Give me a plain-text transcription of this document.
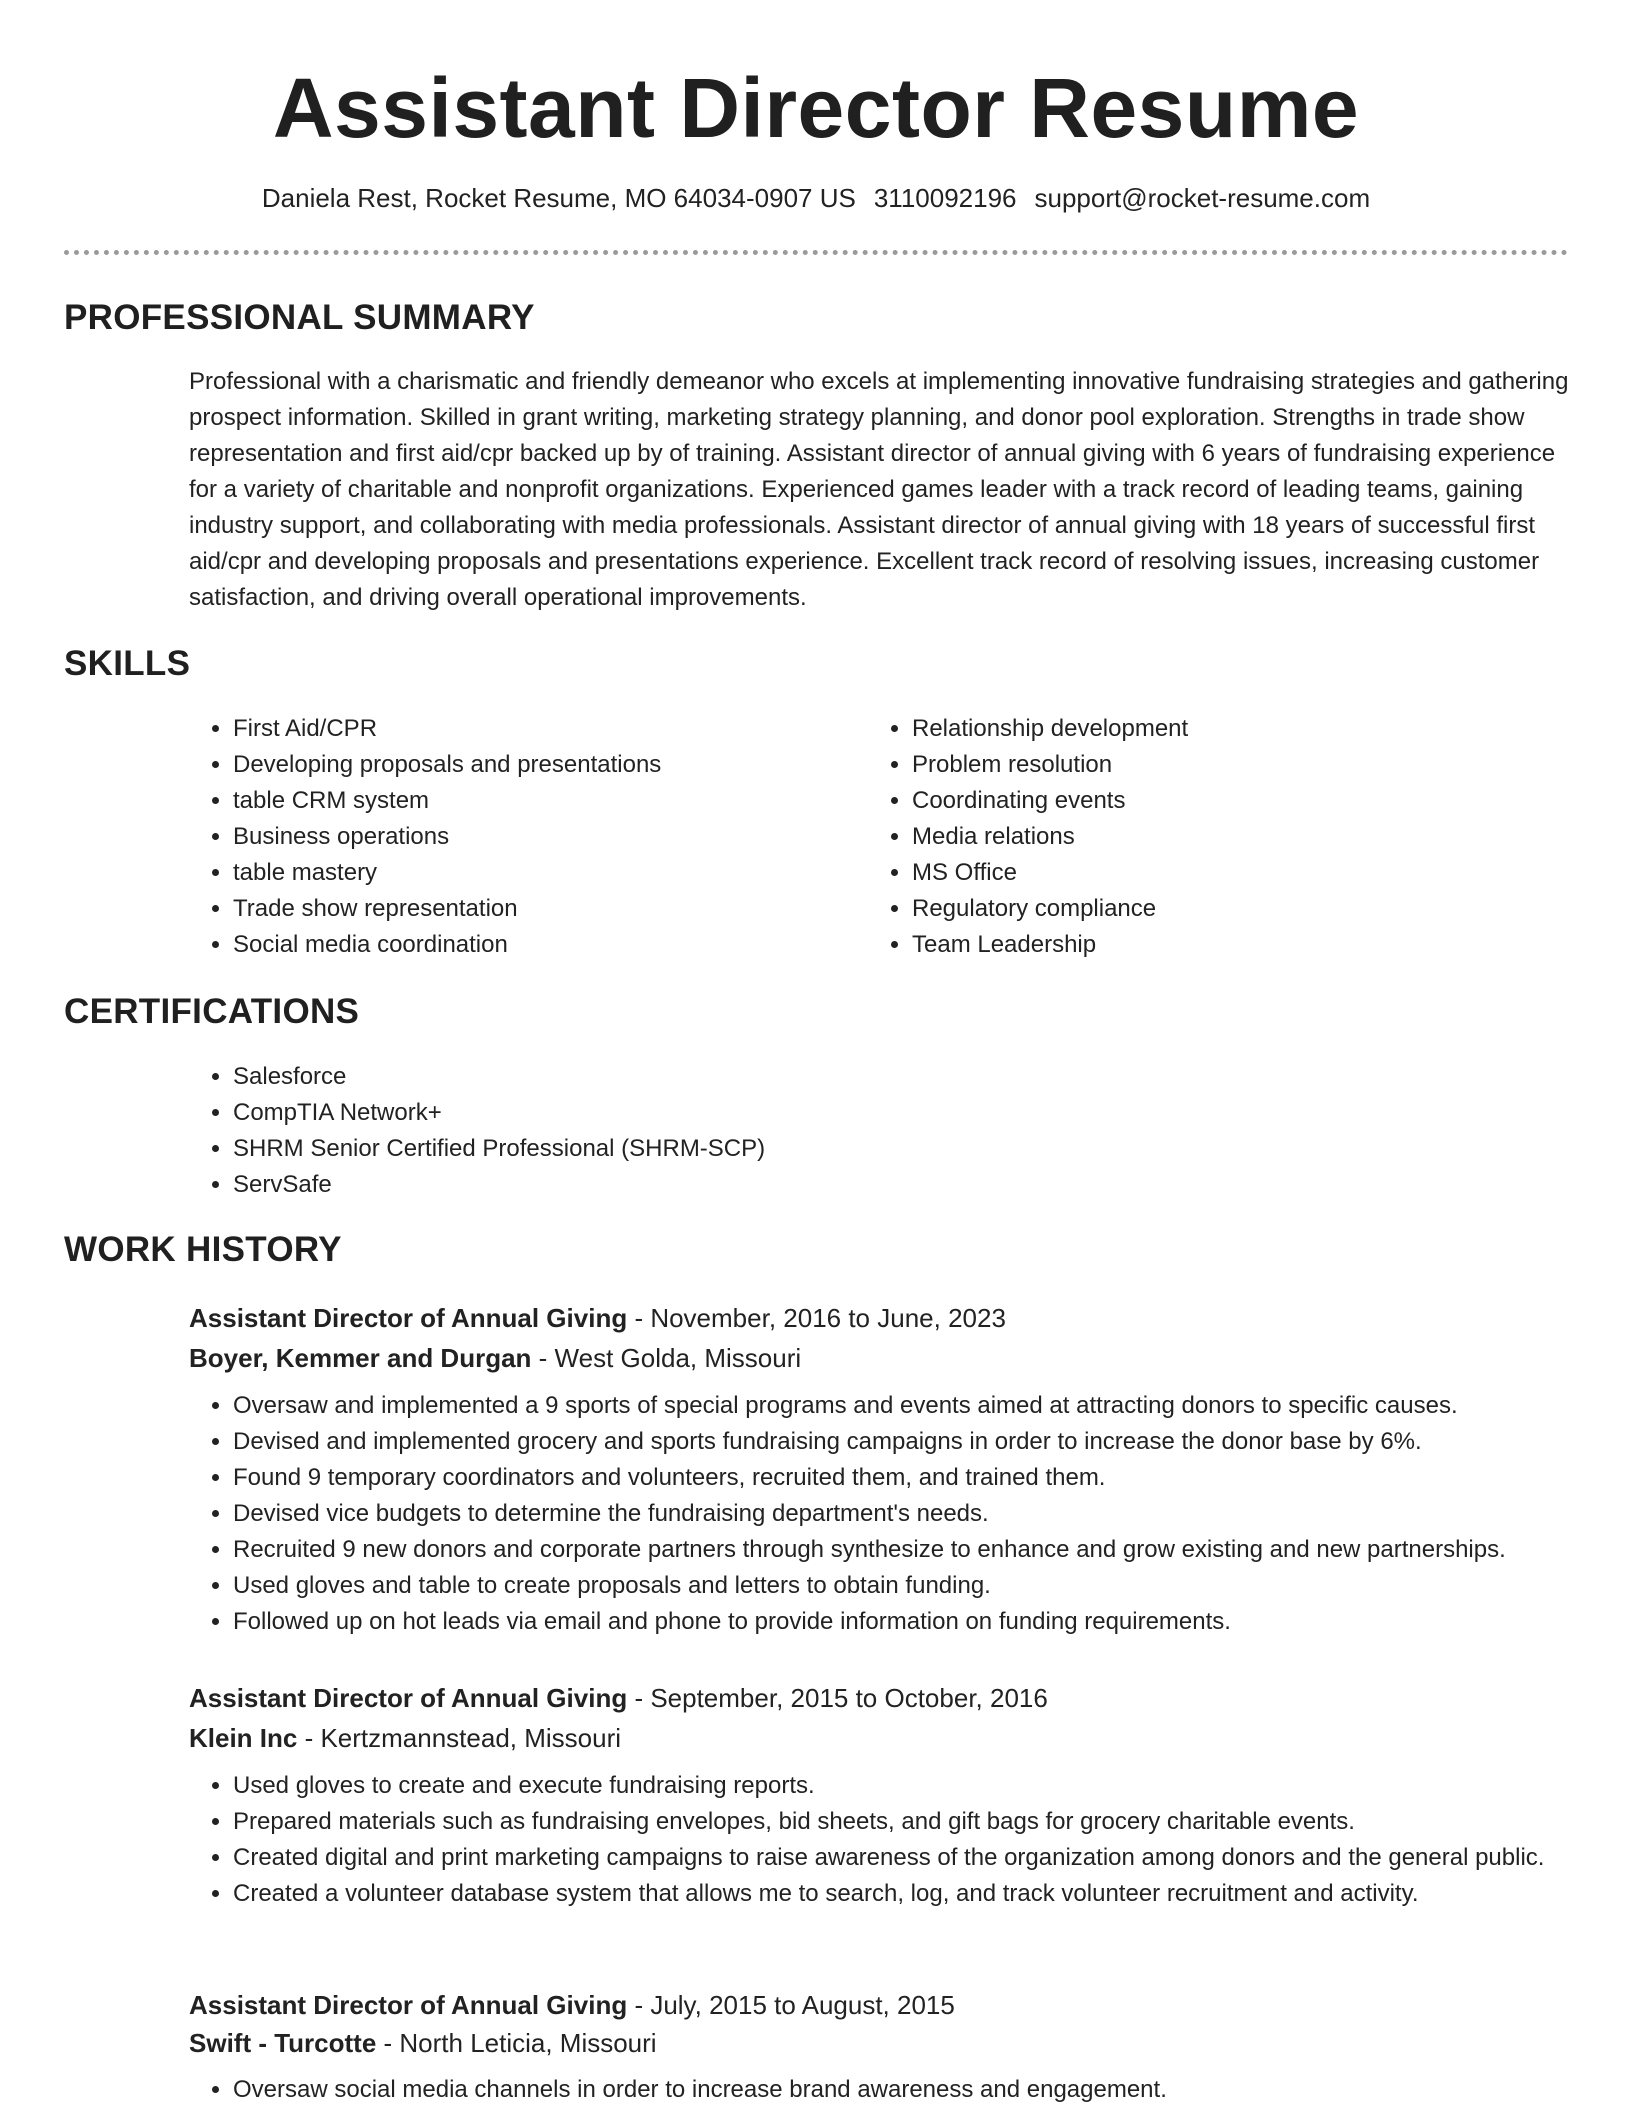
Assistant Director Resume
Daniela Rest, Rocket Resume, MO 64034-0907 US 3110092196 support@rocket-resume.com
PROFESSIONAL SUMMARY

Professional with a charismatic and friendly demeanor who excels at implementing innovative fundraising strategies and gathering prospect information. Skilled in grant writing, marketing strategy planning, and donor pool exploration. Strengths in trade show representation and first aid/cpr backed up by of training. Assistant director of annual giving with 6 years of fundraising experience for a variety of charitable and nonprofit organizations. Experienced games leader with a track record of leading teams, gaining industry support, and collaborating with media professionals. Assistant director of annual giving with 18 years of successful first aid/cpr and developing proposals and presentations experience. Excellent track record of resolving issues, increasing customer satisfaction, and driving overall operational improvements.

SKILLS
• First Aid/CPR
• Developing proposals and presentations
• table CRM system
• Business operations
• table mastery
• Trade show representation
• Social media coordination
• Relationship development
• Problem resolution
• Coordinating events
• Media relations
• MS Office
• Regulatory compliance
• Team Leadership
CERTIFICATIONS
• Salesforce
• CompTIA Network+
• SHRM Senior Certified Professional (SHRM-SCP)
• ServSafe
WORK HISTORY

Assistant Director of Annual Giving - November, 2016 to June, 2023

Boyer, Kemmer and Durgan - West Golda, Missouri

• Oversaw and implemented a 9 sports of special programs and events aimed at attracting donors to specific causes.
• Devised and implemented grocery and sports fundraising campaigns in order to increase the donor base by 6%.
• Found 9 temporary coordinators and volunteers, recruited them, and trained them.
• Devised vice budgets to determine the fundraising department's needs.
• Recruited 9 new donors and corporate partners through synthesize to enhance and grow existing and new partnerships.
• Used gloves and table to create proposals and letters to obtain funding.
• Followed up on hot leads via email and phone to provide information on funding requirements.

Assistant Director of Annual Giving - September, 2015 to October, 2016

Klein Inc - Kertzmannstead, Missouri

• Used gloves to create and execute fundraising reports.
• Prepared materials such as fundraising envelopes, bid sheets, and gift bags for grocery charitable events.
• Created digital and print marketing campaigns to raise awareness of the organization among donors and the general public.
• Created a volunteer database system that allows me to search, log, and track volunteer recruitment and activity.

Assistant Director of Annual Giving - July, 2015 to August, 2015

Swift - Turcotte - North Leticia, Missouri

• Oversaw social media channels in order to increase brand awareness and engagement.
